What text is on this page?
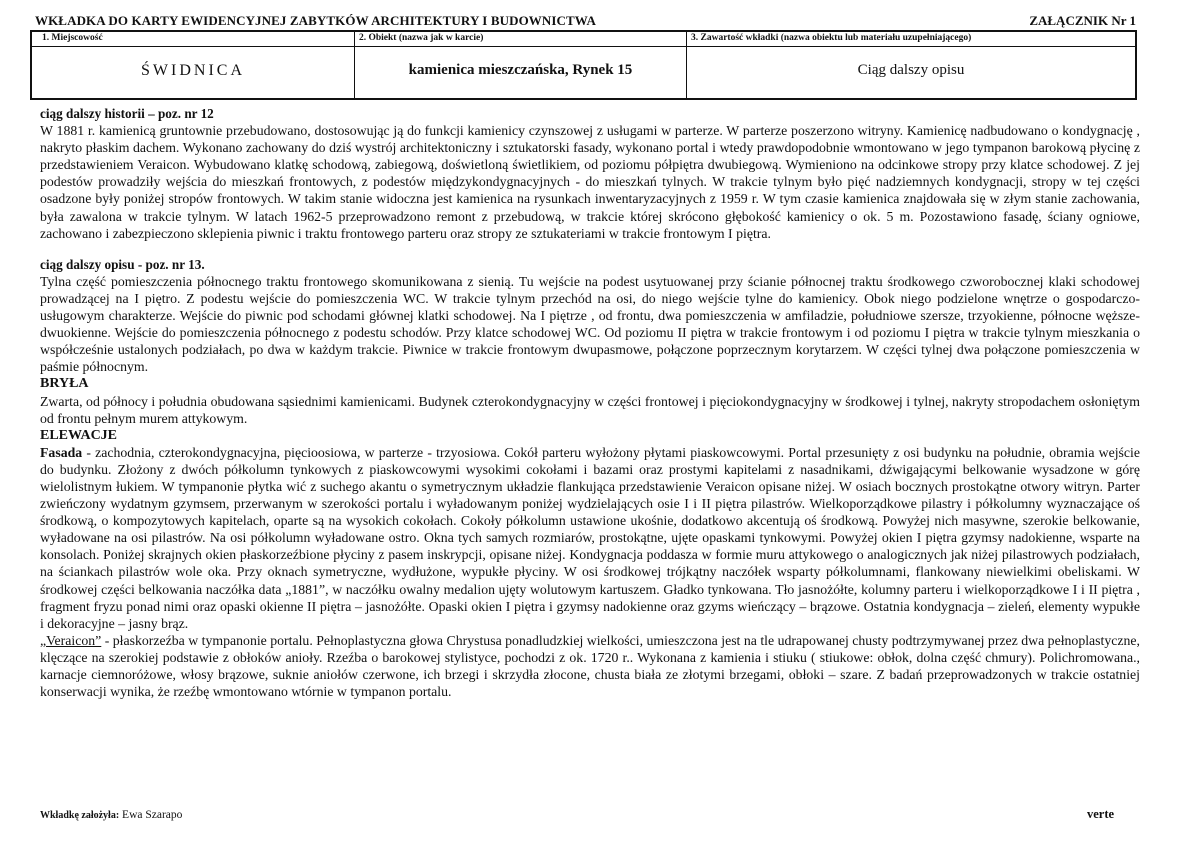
WKŁADKA DO KARTY EWIDENCYJNEJ ZABYTKÓW ARCHITEKTURY I BUDOWNICTWA	ZAŁĄCZNIK Nr 1
1. Miejscowość
ŚWIDNICA
2. Obiekt (nazwa jak w karcie)
kamienica mieszczańska, Rynek 15
3. Zawartość wkładki (nazwa obiektu lub materiału uzupełniającego)
Ciąg dalszy opisu
ciąg dalszy historii – poz. nr 12

W 1881 r. kamienicą gruntownie przebudowano, dostosowując ją do funkcji kamienicy czynszowej z usługami w parterze. W parterze poszerzono witryny. Kamienicę nadbudowano o kondygnację , nakryto płaskim dachem. Wykonano zachowany do dziś wystrój architektoniczny i sztukatorski fasady, wykonano portal i wtedy prawdopodobnie wmontowano w jego tympanon barokową płycinę z przedstawieniem Veraicon. Wybudowano klatkę schodową, zabiegową, doświetloną świetlikiem, od poziomu półpiętra dwubiegową. Wymieniono na odcinkowe stropy przy klatce schodowej. Z jej podestów prowadziły wejścia do mieszkań frontowych, z podestów międzykondygnacyjnych - do mieszkań tylnych. W trakcie tylnym było pięć nadziemnych kondygnacji, stropy w tej części osadzone były poniżej stropów frontowych. W takim stanie widoczna jest kamienica na rysunkach inwentaryzacyjnych z 1959 r. W tym czasie kamienica znajdowała się w złym stanie zachowania, była zawalona w trakcie tylnym. W latach 1962-5 przeprowadzono remont z przebudową, w trakcie której skrócono głębokość kamienicy o ok. 5 m. Pozostawiono fasadę, ściany ogniowe, zachowano i zabezpieczono sklepienia piwnic i traktu frontowego parteru oraz stropy ze sztukateriami w trakcie frontowym I piętra.

ciąg dalszy opisu - poz. nr 13.

Tylna część pomieszczenia północnego traktu frontowego skomunikowana z sienią. Tu wejście na podest usytuowanej przy ścianie północnej traktu środkowego czworobocznej klaki schodowej prowadzącej na I piętro. Z podestu wejście do pomieszczenia WC. W trakcie tylnym przechód na osi, do niego wejście tylne do kamienicy. Obok niego podzielone wnętrze o gospodarczo- usługowym charakterze. Wejście do piwnic pod schodami głównej klatki schodowej. Na I piętrze , od frontu, dwa pomieszczenia w amfiladzie, południowe szersze, trzyokienne, północne węższe- dwuokienne. Wejście do pomieszczenia północnego z podestu schodów. Przy klatce schodowej WC. Od poziomu II piętra w trakcie frontowym i od poziomu I piętra w trakcie tylnym mieszkania o współcześnie ustalonych podziałach, po dwa w każdym trakcie. Piwnice w trakcie frontowym dwupasmowe, połączone poprzecznym korytarzem. W części tylnej dwa połączone pomieszczenia w paśmie północnym.

BRYŁA

Zwarta, od północy i południa obudowana sąsiednimi kamienicami. Budynek czterokondygnacyjny w części frontowej i pięciokondygnacyjny w środkowej i tylnej, nakryty stropodachem osłoniętym od frontu pełnym murem attykowym.

ELEWACJE

Fasada - zachodnia, czterokondygnacyjna, pięcioosiowa, w parterze - trzyosiowa. Cokół parteru wyłożony płytami piaskowcowymi. Portal przesunięty z osi budynku na południe, obramia wejście do budynku. Złożony z dwóch półkolumn tynkowych z piaskowcowymi wysokimi cokołami i bazami oraz prostymi kapitelami z nasadnikami, dźwigającymi belkowanie wysadzone w górę wielolistnym łukiem. W tympanonie płytka wić z suchego akantu o symetrycznym układzie flankująca przedstawienie Veraicon opisane niżej. W osiach bocznych prostokątne otwory witryn. Parter zwieńczony wydatnym gzymsem, przerwanym w szerokości portalu i wyładowanym poniżej wydzielających osie I i II piętra pilastrów. Wielkoporządkowe pilastry i półkolumny wyznaczające oś środkową, o kompozytowych kapitelach, oparte są na wysokich cokołach. Cokoły półkolumn ustawione ukośnie, dodatkowo akcentują oś środkową. Powyżej nich masywne, szerokie belkowanie, wyładowane na osi pilastrów. Na osi półkolumn wyładowane ostro. Okna tych samych rozmiarów, prostokątne, ujęte opaskami tynkowymi. Powyżej okien I piętra gzymsy nadokienne, wsparte na konsolach. Poniżej skrajnych okien płaskorzeźbione płyciny z pasem inskrypcji, opisane niżej. Kondygnacja poddasza w formie muru attykowego o analogicznych jak niżej pilastrowych podziałach, na ściankach pilastrów wole oka. Przy oknach symetryczne, wydłużone, wypukłe płyciny. W osi środkowej trójkątny naczółek wsparty półkolumnami, flankowany niewielkimi obeliskami. W środkowej części belkowania naczółka data „1881”, w naczółku owalny medalion ujęty wolutowym kartuszem. Gładko tynkowana. Tło jasnożółte, kolumny parteru i wielkoporządkowe I i II piętra , fragment fryzu ponad nimi oraz opaski okienne II piętra – jasnożółte. Opaski okien I piętra i gzymsy nadokienne oraz gzyms wieńczący – brązowe. Ostatnia kondygnacja – zieleń, elementy wypukłe i dekoracyjne – jasny brąz.

„Veraicon” - płaskorzeźba w tympanonie portalu. Pełnoplastyczna głowa Chrystusa ponadludzkiej wielkości, umieszczona jest na tle udrapowanej chusty podtrzymywanej przez dwa pełnoplastyczne, klęczące na szerokiej podstawie z obłoków anioły. Rzeźba o barokowej stylistyce, pochodzi z ok. 1720 r.. Wykonana z kamienia i stiuku ( stiukowe: obłok, dolna część chmury). Polichromowana., karnacje ciemnoróżowe, włosy brązowe, suknie aniołów czerwone, ich brzegi i skrzydła złocone, chusta biała ze złotymi brzegami, obłoki – szare. Z badań przeprowadzonych w trakcie ostatniej konserwacji wynika, że rzeźbę wmontowano wtórnie w tympanon portalu.

Wkładkę założyła: Ewa Szarapo	verte
